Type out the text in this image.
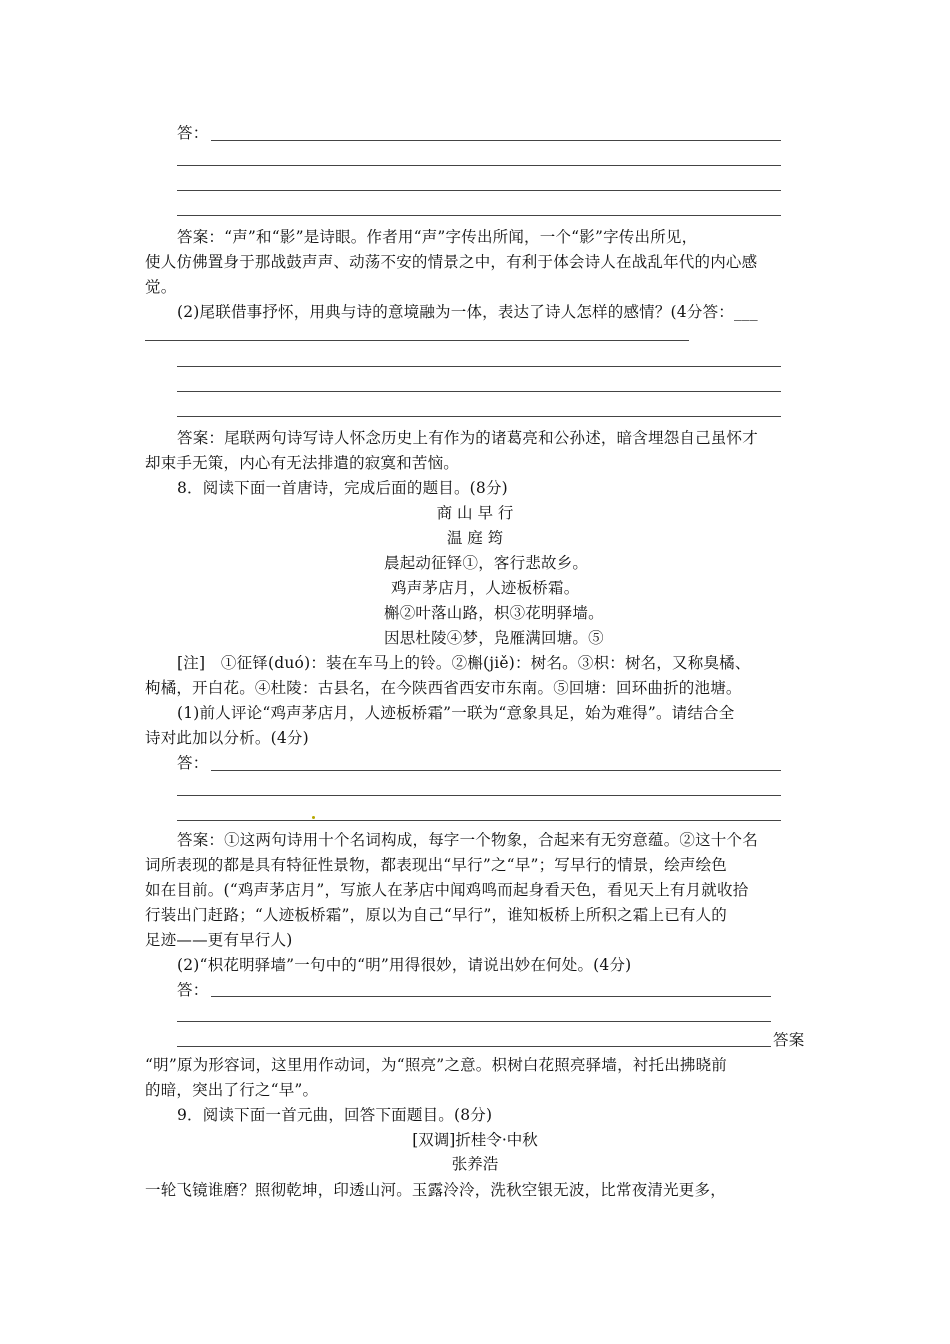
答：
答案：“声”和“影”是诗眼。作者用“声”字传出所闻，一个“影”字传出所见，
使人仿佛置身于那战鼓声声、动荡不安的情景之中，有利于体会诗人在战乱年代的内心感
觉。
(2)尾联借事抒怀，用典与诗的意境融为一体，表达了诗人怎样的感情？(4分答：___
答案：尾联两句诗写诗人怀念历史上有作为的诸葛亮和公孙述，暗含埋怨自己虽怀才
却束手无策，内心有无法排遣的寂寞和苦恼。
8．阅读下面一首唐诗，完成后面的题目。(8分)
商 山 早 行
温 庭 筠
晨起动征铎①，客行悲故乡。
鸡声茅店月，人迹板桥霜。
槲②叶落山路，枳③花明驿墙。
因思杜陵④梦，凫雁满回塘。⑤
[注]　①征铎(duó)：装在车马上的铃。②槲(jiě)：树名。③枳：树名，又称臭橘、
枸橘，开白花。④杜陵：古县名，在今陕西省西安市东南。⑤回塘：回环曲折的池塘。
(1)前人评论“鸡声茅店月，人迹板桥霜”一联为“意象具足，始为难得”。请结合全
诗对此加以分析。(4分)
答：
答案：①这两句诗用十个名词构成，每字一个物象，合起来有无穷意蕴。②这十个名
词所表现的都是具有特征性景物，都表现出“早行”之“早”；写早行的情景，绘声绘色
如在目前。(“鸡声茅店月”，写旅人在茅店中闻鸡鸣而起身看天色，看见天上有月就收拾
行装出门赶路；“人迹板桥霜”，原以为自己“早行”，谁知板桥上所积之霜上已有人的
足迹——更有早行人)
(2)“枳花明驿墙”一句中的“明”用得很妙，请说出妙在何处。(4分)
答：
答案
“明”原为形容词，这里用作动词，为“照亮”之意。枳树白花照亮驿墙，衬托出拂晓前
的暗，突出了行之“早”。
9．阅读下面一首元曲，回答下面题目。(8分)
[双调]折桂令·中秋
张养浩
一轮飞镜谁磨？照彻乾坤，印透山河。玉露泠泠，洗秋空银无波，比常夜清光更多，
